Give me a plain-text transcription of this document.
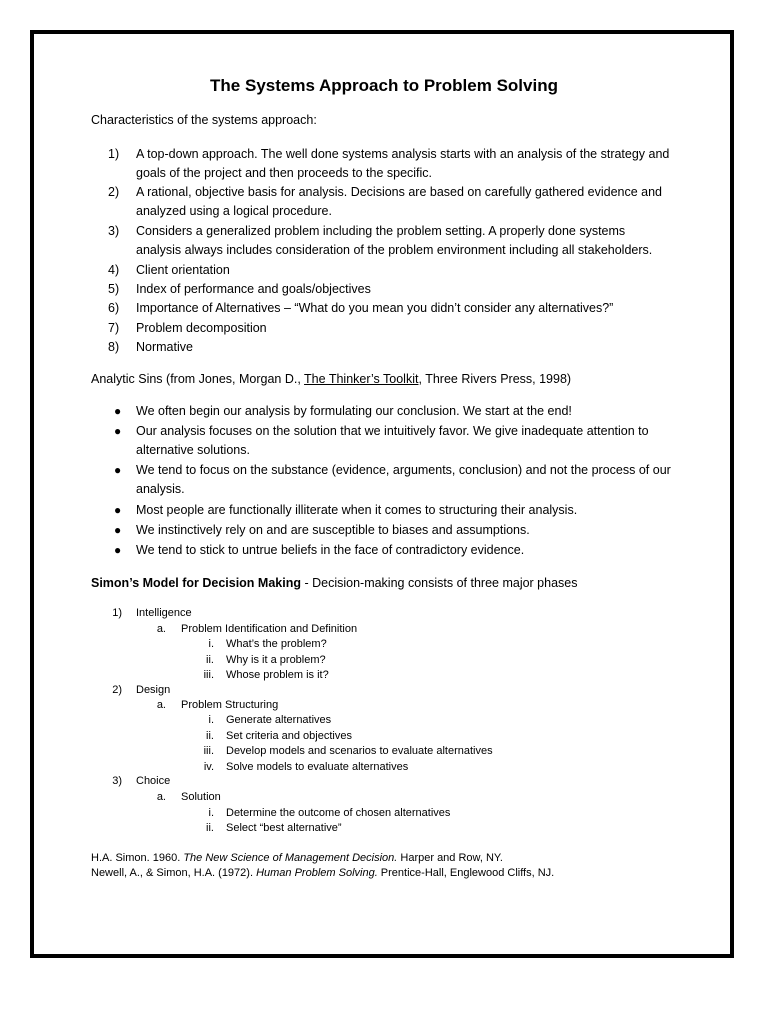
The Systems Approach to Problem Solving
Characteristics of the systems approach:
1)	A top-down approach. The well done systems analysis starts with an analysis of the strategy and
goals of the project and then proceeds to the specific.
2)	A rational, objective basis for analysis. Decisions are based on carefully gathered evidence and
analyzed using a logical procedure.
3)	Considers a generalized problem including the problem setting. A properly done systems
analysis always includes consideration of the problem environment including all stakeholders.
4)	Client orientation
5)	Index of performance and goals/objectives
6)	Importance of Alternatives – “What do you mean you didn’t consider any alternatives?”
7)	Problem decomposition
8)	Normative
Analytic Sins (from Jones, Morgan D., The Thinker’s Toolkit, Three Rivers Press, 1998)
● We often begin our analysis by formulating our conclusion. We start at the end!
● Our analysis focuses on the solution that we intuitively favor. We give inadequate attention to
alternative solutions.
● We tend to focus on the substance (evidence, arguments, conclusion) and not the process of our
analysis.
● Most people are functionally illiterate when it comes to structuring their analysis.
● We instinctively rely on and are susceptible to biases and assumptions.
● We tend to stick to untrue beliefs in the face of contradictory evidence.
Simon’s Model for Decision Making - Decision-making consists of three major phases
1) Intelligence
a. Problem Identification and Definition
i. What’s the problem?
ii. Why is it a problem?
iii. Whose problem is it?
2) Design
a. Problem Structuring
i. Generate alternatives
ii. Set criteria and objectives
iii. Develop models and scenarios to evaluate alternatives
iv. Solve models to evaluate alternatives
3) Choice
a. Solution
i. Determine the outcome of chosen alternatives
ii. Select “best alternative”
H.A. Simon. 1960. The New Science of Management Decision. Harper and Row, NY.
Newell, A., & Simon, H.A. (1972). Human Problem Solving. Prentice-Hall, Englewood Cliffs, NJ.
